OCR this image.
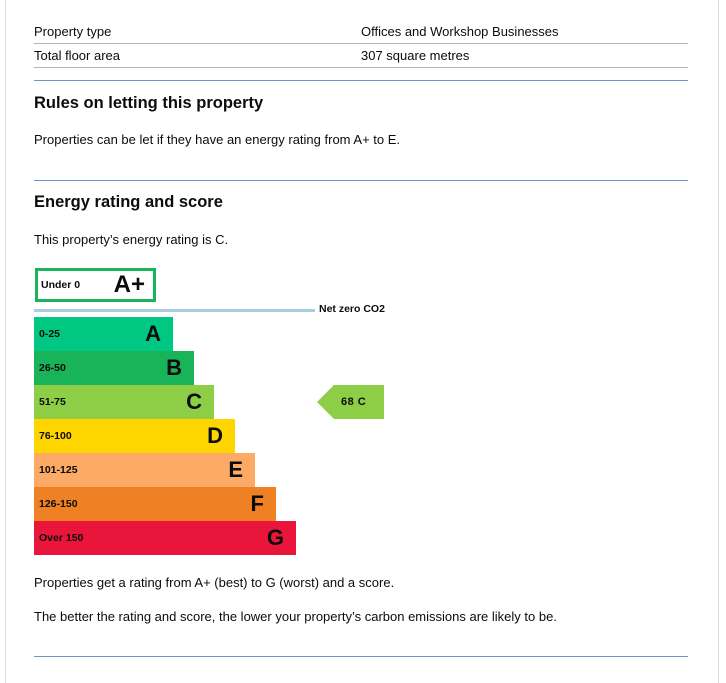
Property type	Offices and Workshop Businesses
Total floor area	307 square metres
Rules on letting this property

Properties can be let if they have an energy rating from A+ to E.

Energy rating and score

This property’s energy rating is C.

Under 0 A+
Net zero CO2
0-25	A
26-50	B
51-75	C
76-100	D
101-125	E
126-150	F
Over 150	G
68 C

Properties get a rating from A+ (best) to G (worst) and a score.

The better the rating and score, the lower your property’s carbon emissions are likely to be.
